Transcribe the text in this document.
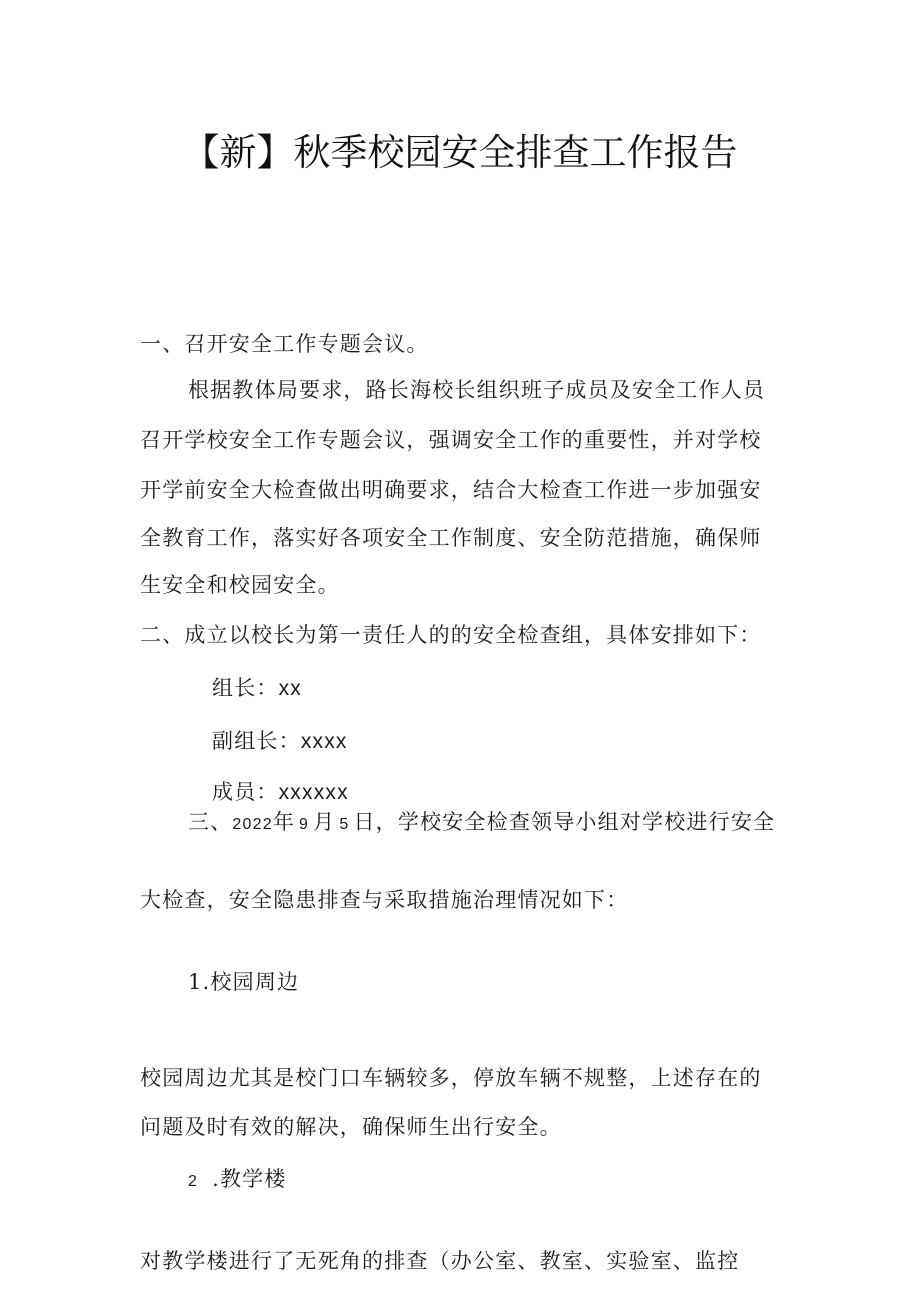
【新】秋季校园安全排查工作报告
一、召开安全工作专题会议。
根据教体局要求，路长海校长组织班子成员及安全工作人员
召开学校安全工作专题会议，强调安全工作的重要性，并对学校
开学前安全大检查做出明确要求，结合大检查工作进一步加强安
全教育工作，落实好各项安全工作制度、安全防范措施，确保师
生安全和校园安全。
二、成立以校长为第一责任人的的安全检查组，具体安排如下：
组长：xx
副组长：xxxx
成员：xxxxxx
三、2022年 9 月 5 日，学校安全检查领导小组对学校进行安全
大检查，安全隐患排查与采取措施治理情况如下：
1.校园周边
校园周边尤其是校门口车辆较多，停放车辆不规整，上述存在的
问题及时有效的解决，确保师生出行安全。
2 .教学楼
对教学楼进行了无死角的排查（办公室、教室、实验室、监控
